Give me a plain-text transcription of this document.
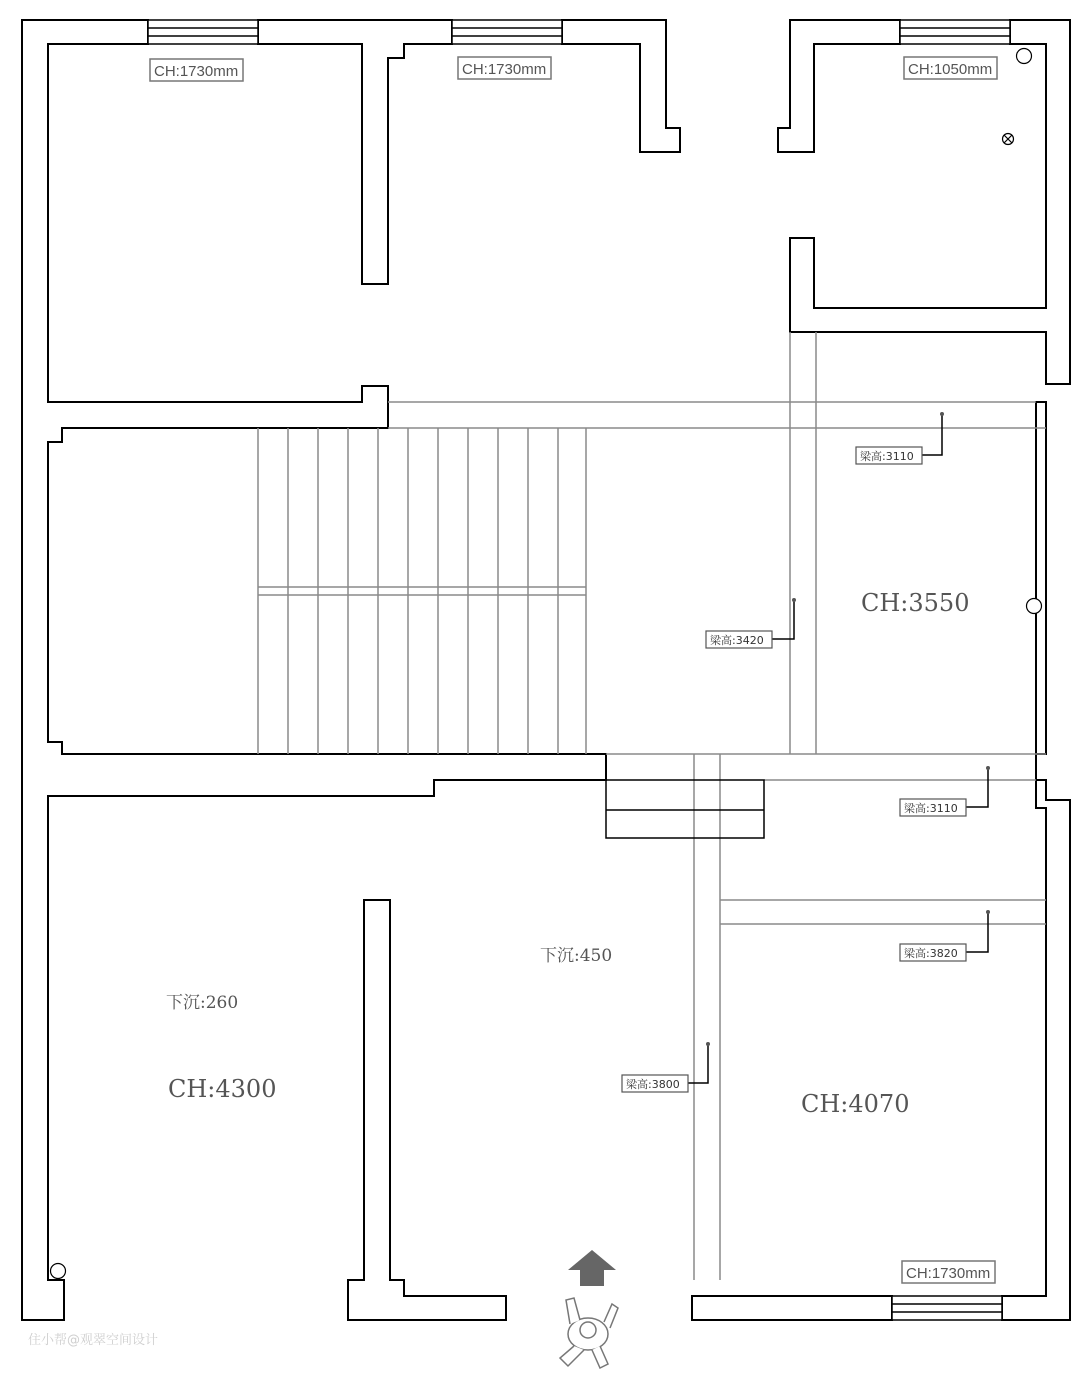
CH:1730mm	CH:1730mm	CH:1050mm
CH:1730mm
梁高:3110
梁高:3420
梁高:3110
梁高:3820
梁高:3800
CH:3550
下沉:260
CH:4300
下沉:450
CH:4070
住小帮@观翠空间设计
